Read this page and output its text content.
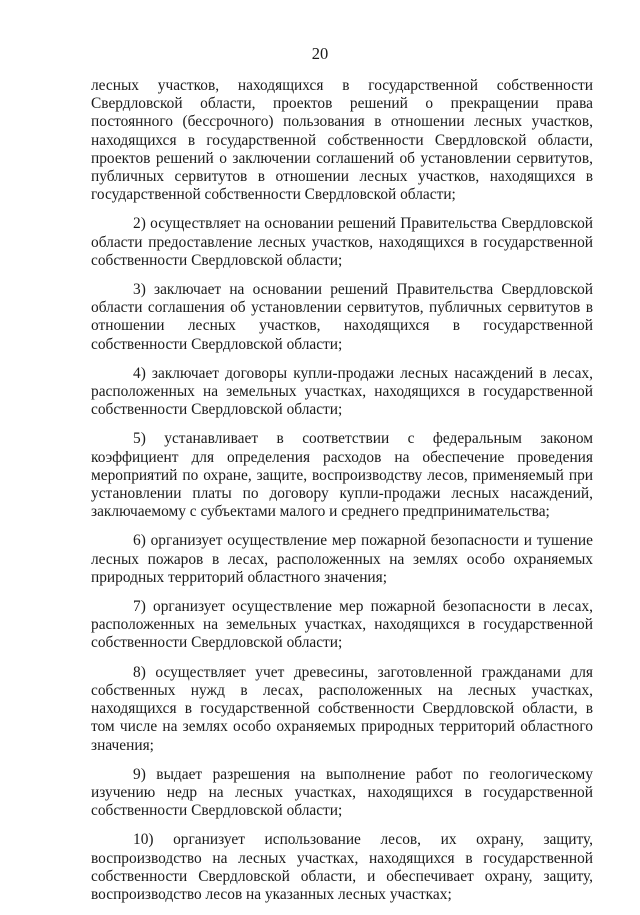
20

лесных участков, находящихся в государственной собственности Свердловской области, проектов решений о прекращении права постоянного (бессрочного) пользования в отношении лесных участков, находящихся в государственной собственности Свердловской области, проектов решений о заключении соглашений об установлении сервитутов, публичных сервитутов в отношении лесных участков, находящихся в государственной собственности Свердловской области;

2) осуществляет на основании решений Правительства Свердловской области предоставление лесных участков, находящихся в государственной собственности Свердловской области;

3) заключает на основании решений Правительства Свердловской области соглашения об установлении сервитутов, публичных сервитутов в отношении лесных участков, находящихся в государственной собственности Свердловской области;

4) заключает договоры купли-продажи лесных насаждений в лесах, расположенных на земельных участках, находящихся в государственной собственности Свердловской области;

5) устанавливает в соответствии с федеральным законом коэффициент для определения расходов на обеспечение проведения мероприятий по охране, защите, воспроизводству лесов, применяемый при установлении платы по договору купли-продажи лесных насаждений, заключаемому с субъектами малого и среднего предпринимательства;

6) организует осуществление мер пожарной безопасности и тушение лесных пожаров в лесах, расположенных на землях особо охраняемых природных территорий областного значения;

7) организует осуществление мер пожарной безопасности в лесах, расположенных на земельных участках, находящихся в государственной собственности Свердловской области;

8) осуществляет учет древесины, заготовленной гражданами для собственных нужд в лесах, расположенных на лесных участках, находящихся в государственной собственности Свердловской области, в том числе на землях особо охраняемых природных территорий областного значения;

9) выдает разрешения на выполнение работ по геологическому изучению недр на лесных участках, находящихся в государственной собственности Свердловской области;

10) организует использование лесов, их охрану, защиту, воспроизводство на лесных участках, находящихся в государственной собственности Свердловской области, и обеспечивает охрану, защиту, воспроизводство лесов на указанных лесных участках;
